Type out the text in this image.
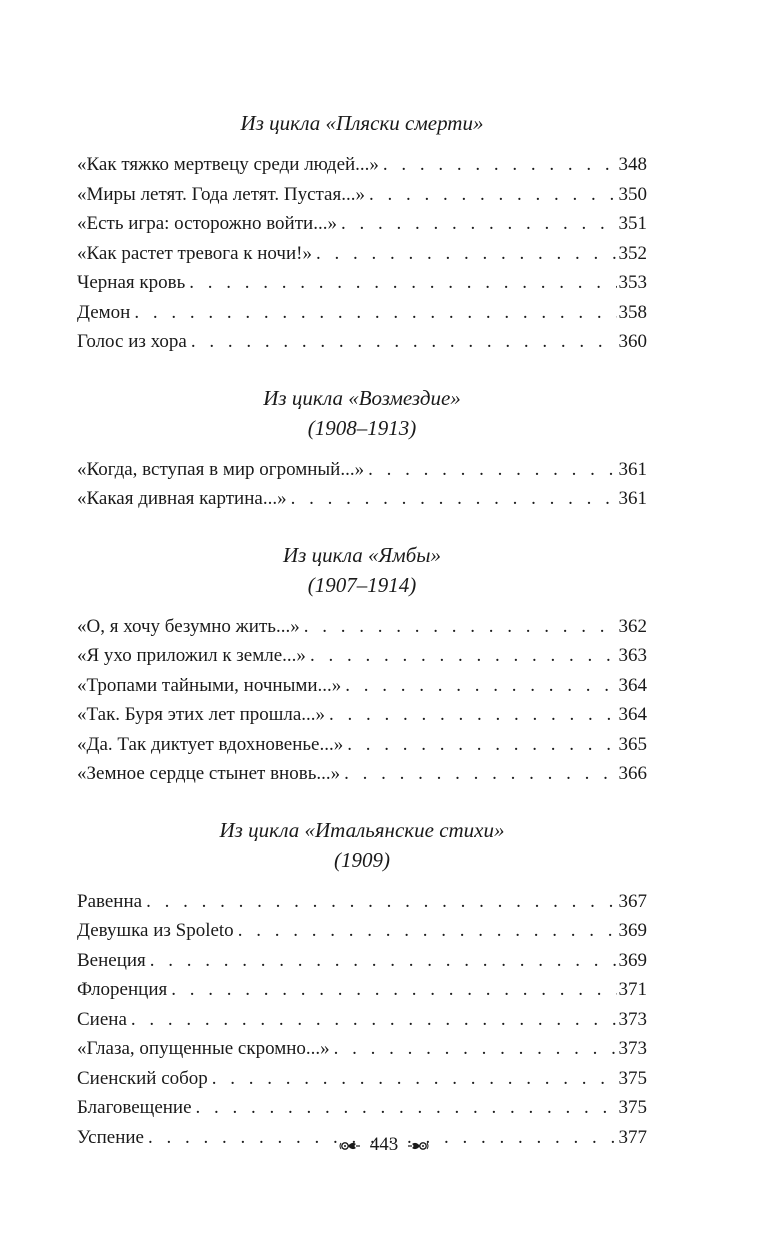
Из цикла «Пляски смерти»
«Как тяжко мертвецу среди людей...» . . .	348
«Миры летят. Года летят. Пустая...» . . .	350
«Есть игра: осторожно войти...» . . .	351
«Как растет тревога к ночи!» . . .	352
Черная кровь . . .	353
Демон . . .	358
Голос из хора . . .	360
Из цикла «Возмездие»
(1908–1913)
«Когда, вступая в мир огромный...» . . .	361
«Какая дивная картина...» . . .	361
Из цикла «Ямбы»
(1907–1914)
«О, я хочу безумно жить...» . . .	362
«Я ухо приложил к земле...» . . .	363
«Тропами тайными, ночными...» . . .	364
«Так. Буря этих лет прошла...» . . .	364
«Да. Так диктует вдохновенье...» . . .	365
«Земное сердце стынет вновь...» . . .	366
Из цикла «Итальянские стихи»
(1909)
Равенна . . .	367
Девушка из Spoleto . . .	369
Венеция . . .	369
Флоренция . . .	371
Сиена . . .	373
«Глаза, опущенные скромно...» . . .	373
Сиенский собор . . .	375
Благовещение . . .	375
Успение . . .	377
443
